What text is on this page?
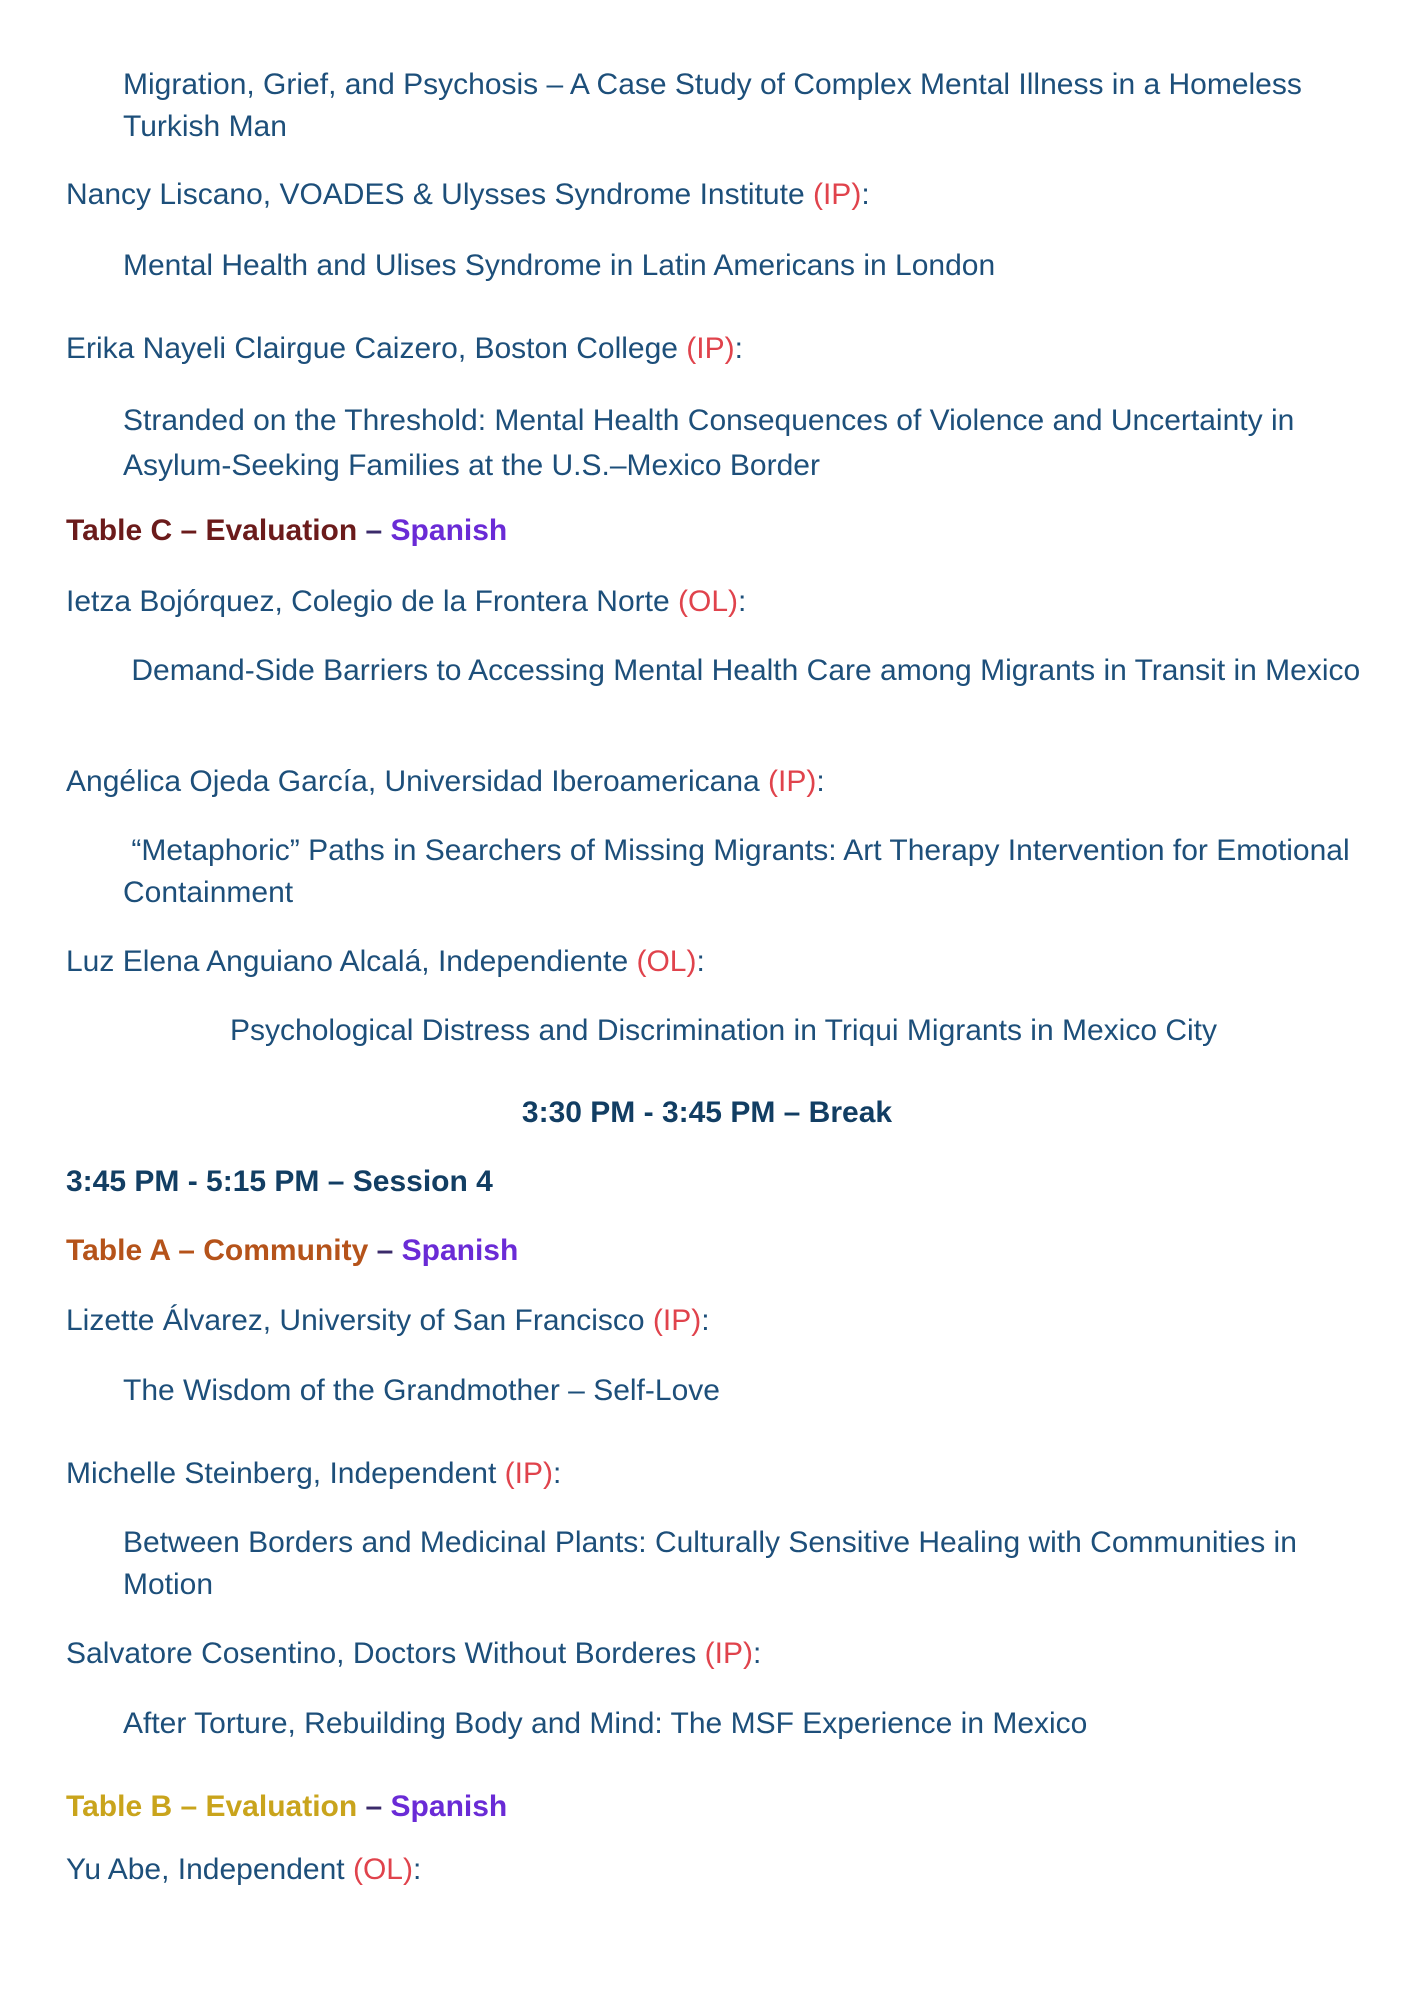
Migration, Grief, and Psychosis – A Case Study of Complex Mental Illness in a Homeless Turkish Man
Nancy Liscano, VOADES & Ulysses Syndrome Institute (IP):
Mental Health and Ulises Syndrome in Latin Americans in London
Erika Nayeli Clairgue Caizero, Boston College (IP):
Stranded on the Threshold: Mental Health Consequences of Violence and Uncertainty in Asylum-Seeking Families at the U.S.–Mexico Border
Table C – Evaluation – Spanish
Ietza Bojórquez, Colegio de la Frontera Norte (OL):
Demand-Side Barriers to Accessing Mental Health Care among Migrants in Transit in Mexico
Angélica Ojeda García, Universidad Iberoamericana (IP):
“Metaphoric” Paths in Searchers of Missing Migrants: Art Therapy Intervention for Emotional Containment
Luz Elena Anguiano Alcalá, Independiente (OL):
Psychological Distress and Discrimination in Triqui Migrants in Mexico City
3:30 PM - 3:45 PM – Break
3:45 PM - 5:15 PM – Session 4
Table A – Community – Spanish
Lizette Álvarez, University of San Francisco (IP):
The Wisdom of the Grandmother – Self-Love
Michelle Steinberg, Independent (IP):
Between Borders and Medicinal Plants: Culturally Sensitive Healing with Communities in Motion
Salvatore Cosentino, Doctors Without Borderes (IP):
After Torture, Rebuilding Body and Mind: The MSF Experience in Mexico
Table B – Evaluation – Spanish
Yu Abe, Independent (OL):
